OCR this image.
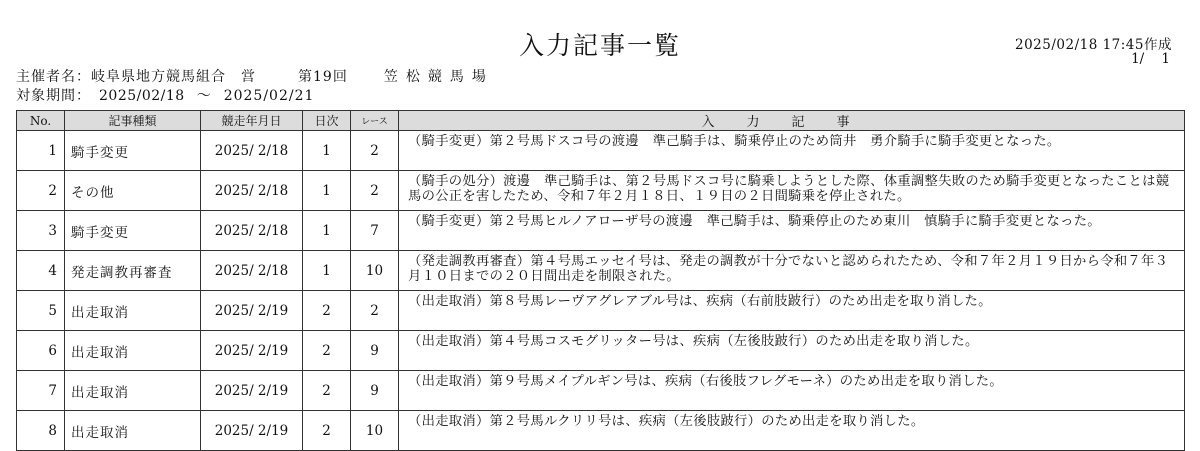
入力記事一覧	2025/02/18 17:45作成
1/    1
主催者名：岐阜県地方競馬組合　営	第19回	笠松競馬場
対象期間： 2025/02/18 ～ 2025/02/21
No.	記事種類	競走年月日	日次	レース	入力記事
1	騎手変更	2025/ 2/18	1	2	（騎手変更）第２号馬ドスコ号の渡邊　準己騎手は、騎乗停止のため筒井　勇介騎手に騎手変更となった。
2	その他	2025/ 2/18	1	2	（騎手の処分）渡邊　準己騎手は、第２号馬ドスコ号に騎乗しようとした際、体重調整失敗のため騎手変更となったことは競馬の公正を害したため、令和７年２月１８日、１９日の２日間騎乗を停止された。
3	騎手変更	2025/ 2/18	1	7	（騎手変更）第２号馬ヒルノアローザ号の渡邊　準己騎手は、騎乗停止のため東川　慎騎手に騎手変更となった。
4	発走調教再審査	2025/ 2/18	1	10	（発走調教再審査）第４号馬エッセイ号は、発走の調教が十分でないと認められたため、令和７年２月１９日から令和７年３月１０日までの２０日間出走を制限された。
5	出走取消	2025/ 2/19	2	2	（出走取消）第８号馬レーヴアグレアブル号は、疾病（右前肢跛行）のため出走を取り消した。
6	出走取消	2025/ 2/19	2	9	（出走取消）第４号馬コスモグリッター号は、疾病（左後肢跛行）のため出走を取り消した。
7	出走取消	2025/ 2/19	2	9	（出走取消）第９号馬メイプルギン号は、疾病（右後肢フレグモーネ）のため出走を取り消した。
8	出走取消	2025/ 2/19	2	10	（出走取消）第２号馬ルクリリ号は、疾病（左後肢跛行）のため出走を取り消した。
